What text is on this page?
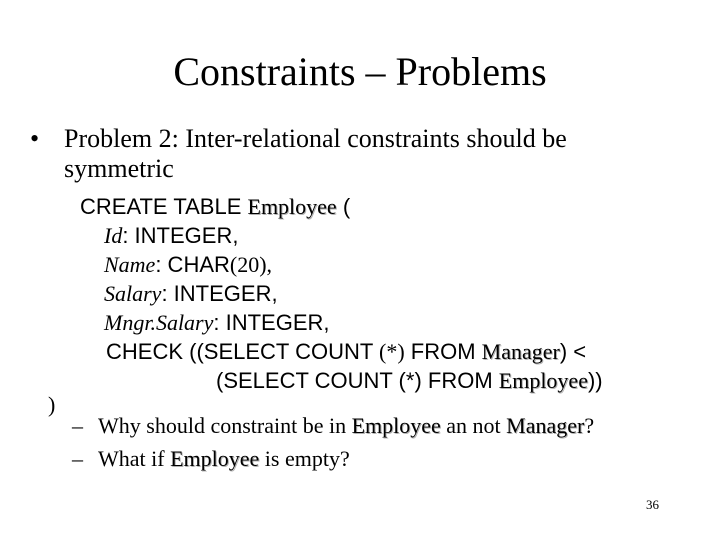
Constraints – Problems
• Problem 2: Inter-relational constraints should be
symmetric
CREATE TABLE Employee (
Id: INTEGER,
Name: CHAR(20),
Salary: INTEGER,
Mngr.Salary: INTEGER,
CHECK ((SELECT COUNT (*) FROM Manager) <
(SELECT COUNT (*) FROM Employee))
)
– Why should constraint be in Employee an not Manager?
– What if Employee is empty?
36
